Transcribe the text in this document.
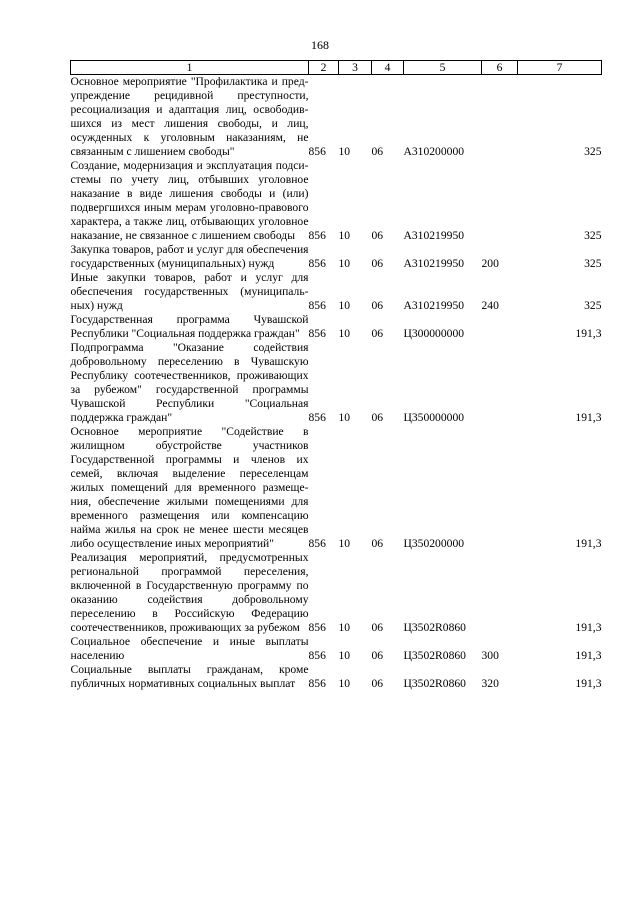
168
1	2	3	4	5	6	7
Основное мероприятие "Профилактика и предупреждение рецидивной преступности, ресоциализация и адаптация лиц, освободившихся из мест лишения свободы, и лиц, осужденных к уголовным наказаниям, не связанным с лишением свободы"	856	10	06	А310200000		325
Создание, модернизация и эксплуатация подсистемы по учету лиц, отбывших уголовное наказание в виде лишения свободы и (или) подвергшихся иным мерам уголовно-правового характера, а также лиц, отбывающих уголовное наказание, не связанное с лишением свободы	856	10	06	А310219950		325
Закупка товаров, работ и услуг для обеспечения государственных (муниципальных) нужд	856	10	06	А310219950	200	325
Иные закупки товаров, работ и услуг для обеспечения государственных (муниципальных) нужд	856	10	06	А310219950	240	325
Государственная программа Чувашской Республики "Социальная поддержка граждан"	856	10	06	Ц300000000		191,3
Подпрограмма "Оказание содействия добровольному переселению в Чувашскую Республику соотечественников, проживающих за рубежом" государственной программы Чувашской Республики "Социальная поддержка граждан"	856	10	06	Ц350000000		191,3
Основное мероприятие "Содействие в жилищном обустройстве участников Государственной программы и членов их семей, включая выделение переселенцам жилых помещений для временного размещения, обеспечение жилыми помещениями для временного размещения или компенсацию найма жилья на срок не менее шести месяцев либо осуществление иных мероприятий"	856	10	06	Ц350200000		191,3
Реализация мероприятий, предусмотренных региональной программой переселения, включенной в Государственную программу по оказанию содействия добровольному переселению в Российскую Федерацию соотечественников, проживающих за рубежом	856	10	06	Ц3502R0860		191,3
Социальное обеспечение и иные выплаты населению	856	10	06	Ц3502R0860	300	191,3
Социальные выплаты гражданам, кроме публичных нормативных социальных выплат	856	10	06	Ц3502R0860	320	191,3
